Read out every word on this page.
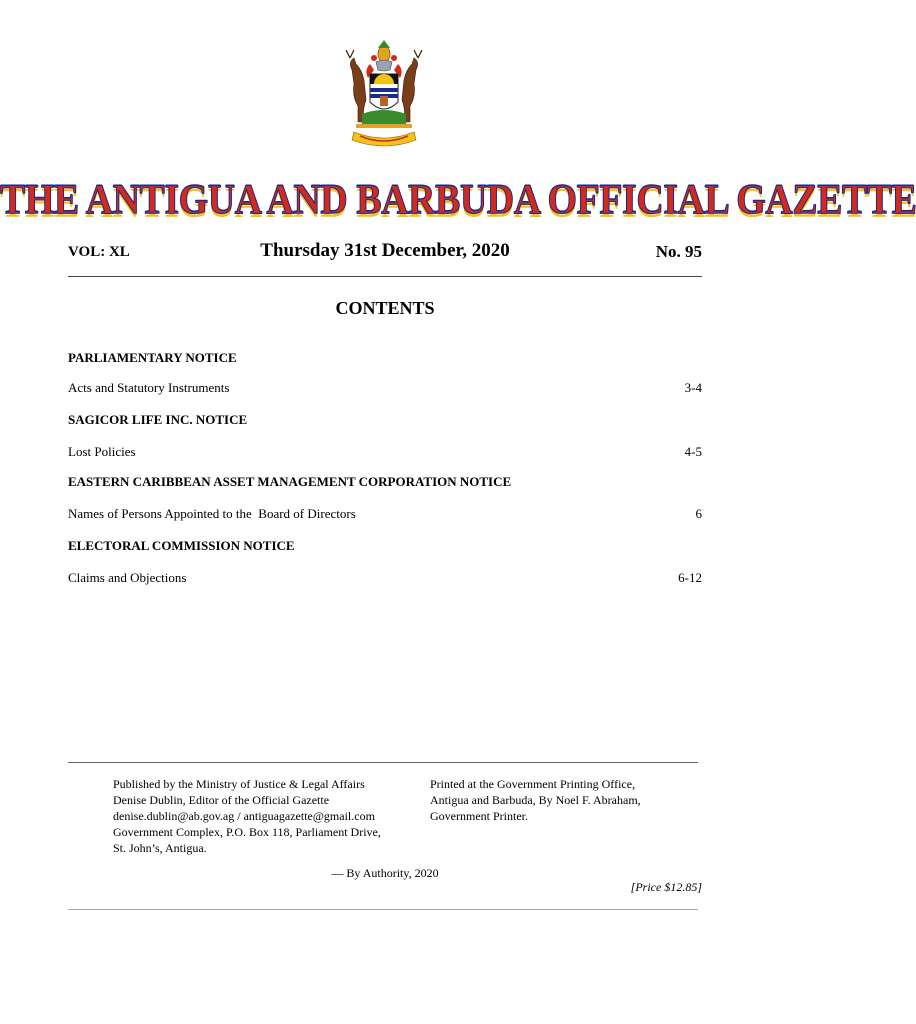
THE ANTIGUA AND BARBUDA OFFICIAL GAZETTE
VOL: XL	Thursday 31st December, 2020	No. 95
CONTENTS
PARLIAMENTARY NOTICE
Acts and Statutory Instruments	3-4
SAGICOR LIFE INC. NOTICE
Lost Policies	4-5
EASTERN CARIBBEAN ASSET MANAGEMENT CORPORATION NOTICE
Names of Persons Appointed to the  Board of Directors	6
ELECTORAL COMMISSION NOTICE
Claims and Objections	6-12
Published by the Ministry of Justice & Legal Affairs
Denise Dublin, Editor of the Official Gazette
denise.dublin@ab.gov.ag / antiguagazette@gmail.com
Government Complex, P.O. Box 118, Parliament Drive,
St. John’s, Antigua.
Printed at the Government Printing Office,
Antigua and Barbuda, By Noel F. Abraham,
Government Printer.
— By Authority, 2020
[Price $12.85]
